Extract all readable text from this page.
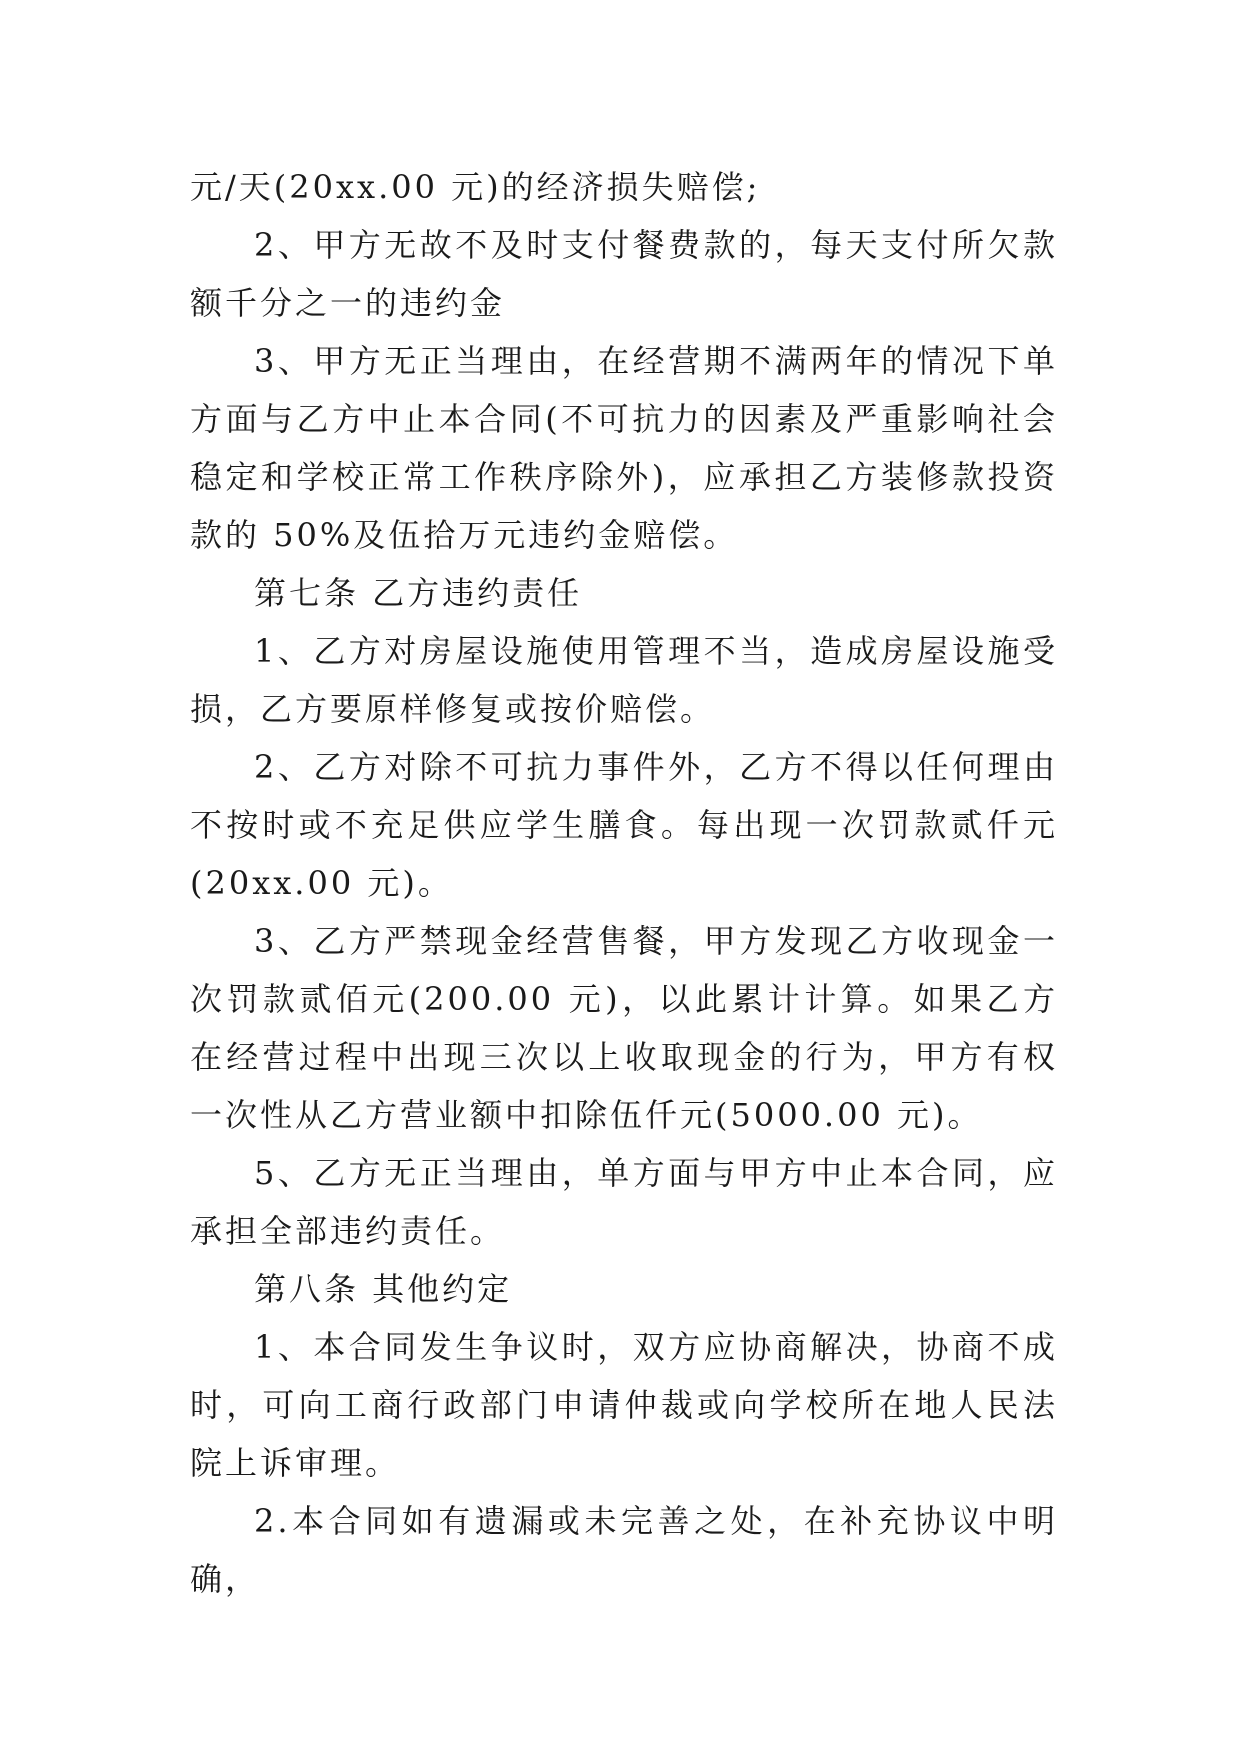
元/天(20xx.00 元)的经济损失赔偿;

2、甲方无故不及时支付餐费款的，每天支付所欠款额千分之一的违约金

3、甲方无正当理由，在经营期不满两年的情况下单方面与乙方中止本合同(不可抗力的因素及严重影响社会稳定和学校正常工作秩序除外)，应承担乙方装修款投资款的 50%及伍拾万元违约金赔偿。

第七条 乙方违约责任

1、乙方对房屋设施使用管理不当，造成房屋设施受损，乙方要原样修复或按价赔偿。

2、乙方对除不可抗力事件外，乙方不得以任何理由不按时或不充足供应学生膳食。每出现一次罚款贰仟元(20xx.00 元)。

3、乙方严禁现金经营售餐，甲方发现乙方收现金一次罚款贰佰元(200.00 元)，以此累计计算。如果乙方在经营过程中出现三次以上收取现金的行为，甲方有权一次性从乙方营业额中扣除伍仟元(5000.00 元)。

5、乙方无正当理由，单方面与甲方中止本合同，应承担全部违约责任。

第八条 其他约定

1、本合同发生争议时，双方应协商解决，协商不成时，可向工商行政部门申请仲裁或向学校所在地人民法院上诉审理。

2.本合同如有遗漏或未完善之处，在补充协议中明确，
